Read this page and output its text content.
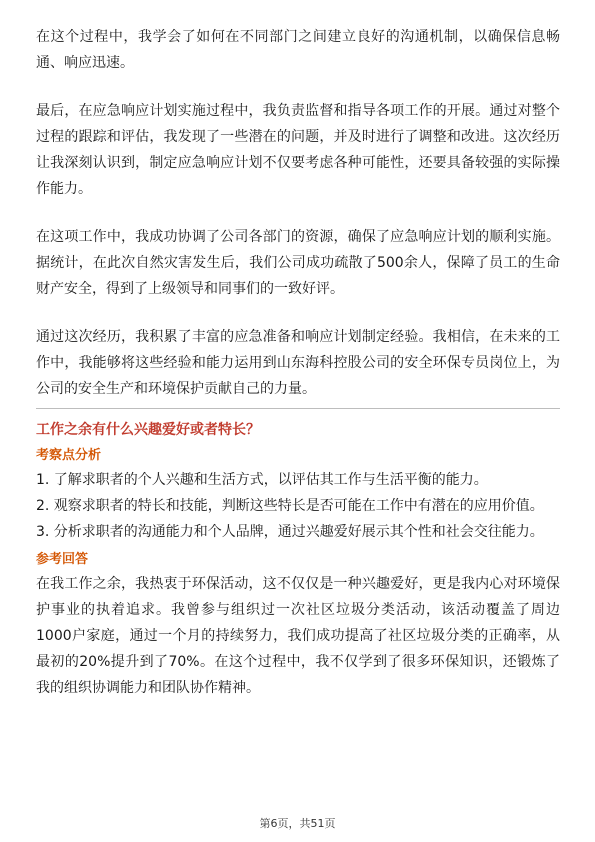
在这个过程中，我学会了如何在不同部门之间建立良好的沟通机制，以确保信息畅通、响应迅速。

最后，在应急响应计划实施过程中，我负责监督和指导各项工作的开展。通过对整个过程的跟踪和评估，我发现了一些潜在的问题，并及时进行了调整和改进。这次经历让我深刻认识到，制定应急响应计划不仅要考虑各种可能性，还要具备较强的实际操作能力。

在这项工作中，我成功协调了公司各部门的资源，确保了应急响应计划的顺利实施。据统计，在此次自然灾害发生后，我们公司成功疏散了500余人，保障了员工的生命财产安全，得到了上级领导和同事们的一致好评。

通过这次经历，我积累了丰富的应急准备和响应计划制定经验。我相信，在未来的工作中，我能够将这些经验和能力运用到山东海科控股公司的安全环保专员岗位上，为公司的安全生产和环境保护贡献自己的力量。

工作之余有什么兴趣爱好或者特长？
考察点分析

1. 了解求职者的个人兴趣和生活方式，以评估其工作与生活平衡的能力。

2. 观察求职者的特长和技能，判断这些特长是否可能在工作中有潜在的应用价值。

3. 分析求职者的沟通能力和个人品牌，通过兴趣爱好展示其个性和社会交往能力。

参考回答

在我工作之余，我热衷于环保活动，这不仅仅是一种兴趣爱好，更是我内心对环境保护事业的执着追求。我曾参与组织过一次社区垃圾分类活动，该活动覆盖了周边1000户家庭，通过一个月的持续努力，我们成功提高了社区垃圾分类的正确率，从最初的20%提升到了70%。在这个过程中，我不仅学到了很多环保知识，还锻炼了我的组织协调能力和团队协作精神。

第6页，共51页
